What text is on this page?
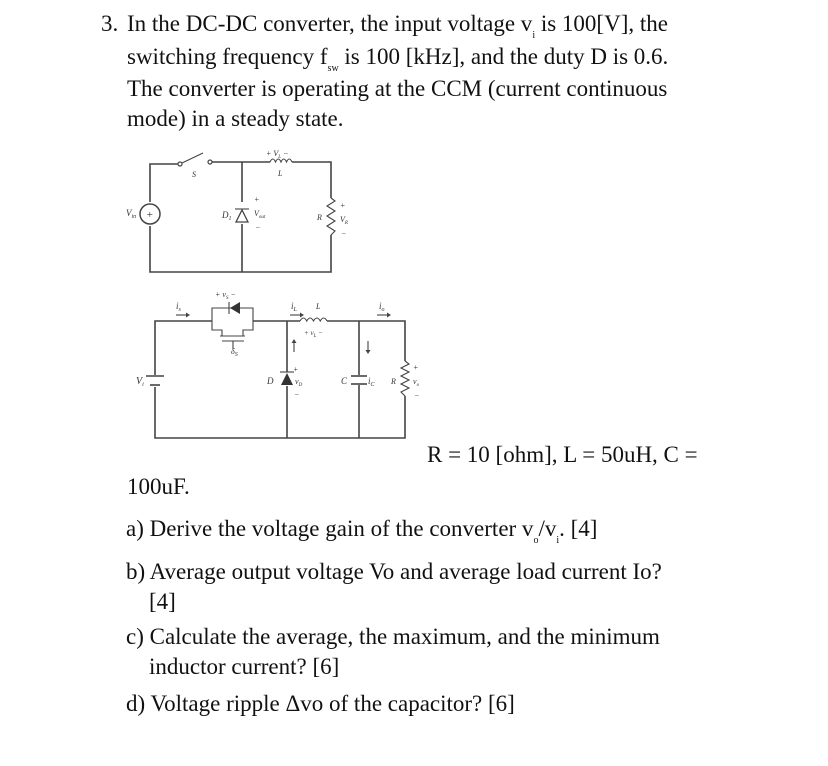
3. In the DC-DC converter, the input voltage $v_i$ is 100[V], the
switching frequency $f_{sw}$ is 100 [kHz], and the duty D is 0.6.
The converter is operating at the CCM (current continuous
mode) in a steady state.
S
$V_{in}$ +	$D_1$
+
$V_{out}$
−
+ $V_L$ −
L
R
+
$V_R$
−
$i_s$
+ $v_S$ −
$\delta_S$
$i_L$ L
+ $v_L$ −
$i_o$
$V_i$	D
+
$v_D$
−
C $i_C$ R
+
$v_o$
−
R = 10 [ohm], L = 50uH, C =
100uF.
a) Derive the voltage gain of the converter $v_o/v_i$. [4]
b) Average output voltage Vo and average load current Io?
[4]
c) Calculate the average, the maximum, and the minimum
inductor current? [6]
d) Voltage ripple Δvo of the capacitor? [6]
